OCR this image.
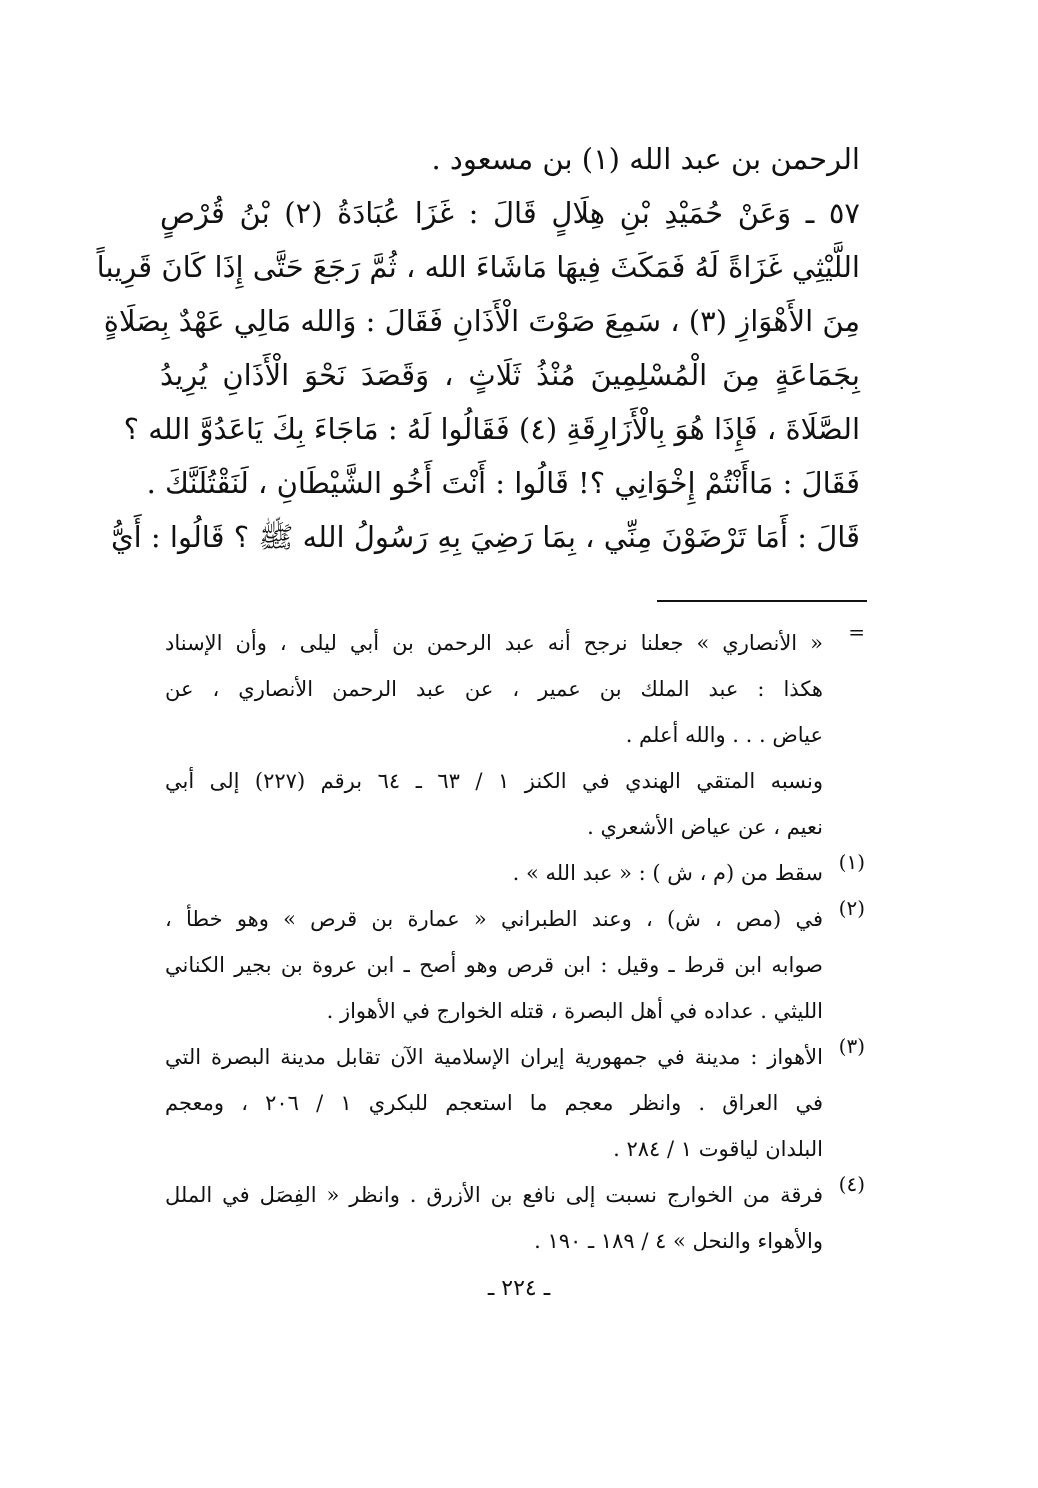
الرحمن بن عبد الله (١) بن مسعود .
٥٧ ـ وَعَنْ حُمَيْدِ بْنِ هِلَالٍ قَالَ : غَزَا عُبَادَةُ (٢) بْنُ قُرْصٍ
اللَّيْثِي غَزَاةً لَهُ فَمَكَثَ فِيهَا مَاشَاءَ الله ، ثُمَّ رَجَعَ حَتَّى إِذَا كَانَ قَرِيباً
مِنَ الأَهْوَازِ (٣) ، سَمِعَ صَوْتَ الْأَذَانِ فَقَالَ : وَالله مَالِي عَهْدٌ بِصَلَاةٍ
بِجَمَاعَةٍ مِنَ الْمُسْلِمِينَ مُنْذُ ثَلَاثٍ ، وَقَصَدَ نَحْوَ الْأَذَانِ يُرِيدُ
الصَّلَاةَ ، فَإِذَا هُوَ بِالْأَزَارِقَةِ (٤) فَقَالُوا لَهُ : مَاجَاءَ بِكَ يَاعَدُوَّ الله ؟
فَقَالَ : مَاأَنْتُمْ إِخْوَانِي ؟! قَالُوا : أَنْتَ أَخُو الشَّيْطَانِ ، لَنَقْتُلَنَّكَ .
قَالَ : أَمَا تَرْضَوْنَ مِنِّي ، بِمَا رَضِيَ بِهِ رَسُولُ الله ﷺ ؟ قَالُوا : أَيُّ
=
« الأنصاري » جعلنا نرجح أنه عبد الرحمن بن أبي ليلى ، وأن الإسناد
هكذا : عبد الملك بن عمير ، عن عبد الرحمن الأنصاري ، عن
عياض . . . والله أعلم .
ونسبه المتقي الهندي في الكنز ١ / ٦٣ ـ ٦٤ برقم (٢٢٧) إلى أبي
نعيم ، عن عياض الأشعري .
(١)
سقط من (م ، ش ) : « عبد الله » .
(٢)
في (مص ، ش) ، وعند الطبراني « عمارة بن قرص » وهو خطأ ،
صوابه ابن قرط ـ وقيل : ابن قرص وهو أصح ـ ابن عروة بن بجير الكناني
الليثي . عداده في أهل البصرة ، قتله الخوارج في الأهواز .
(٣)
الأهواز : مدينة في جمهورية إيران الإسلامية الآن تقابل مدينة البصرة التي
في العراق . وانظر معجم ما استعجم للبكري ١ / ٢٠٦ ، ومعجم
البلدان لياقوت ١ / ٢٨٤ .
(٤)
فرقة من الخوارج نسبت إلى نافع بن الأزرق . وانظر « الفِصَل في الملل
والأهواء والنحل » ٤ / ١٨٩ ـ ١٩٠ .
ـ ٢٢٤ ـ
